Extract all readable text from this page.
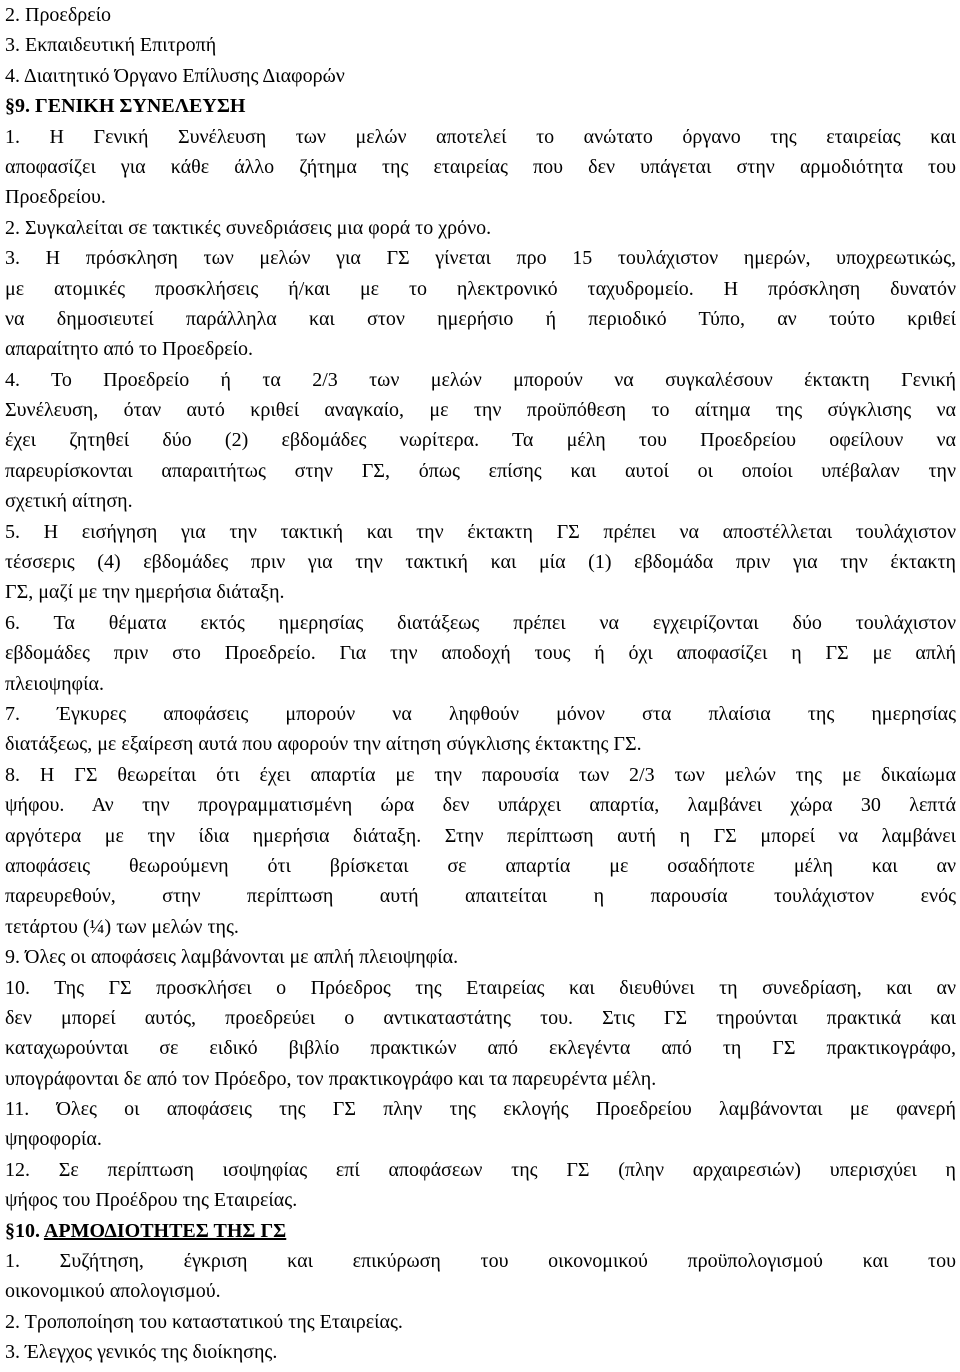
2. Προεδρείο
3. Εκπαιδευτική Επιτροπή
4. Διαιτητικό Όργανο Επίλυσης Διαφορών
§9. ΓΕΝΙΚΗ ΣΥΝΕΛΕΥΣΗ
1. Η Γενική Συνέλευση των μελών αποτελεί το ανώτατο όργανο της εταιρείας και
αποφασίζει για κάθε άλλο ζήτημα της εταιρείας που δεν υπάγεται στην αρμοδιότητα του
Προεδρείου.
2. Συγκαλείται σε τακτικές συνεδριάσεις μια φορά το χρόνο.
3. Η πρόσκληση των μελών για ΓΣ γίνεται προ 15 τουλάχιστον ημερών, υποχρεωτικώς,
με ατομικές προσκλήσεις ή/και με το ηλεκτρονικό ταχυδρομείο. Η πρόσκληση δυνατόν
να δημοσιευτεί παράλληλα και στον ημερήσιο ή περιοδικό Τύπο, αν τούτο κριθεί
απαραίτητο από το Προεδρείο.
4. Το Προεδρείο ή τα 2/3 των μελών μπορούν να συγκαλέσουν έκτακτη Γενική
Συνέλευση, όταν αυτό κριθεί αναγκαίο, με την προϋπόθεση το αίτημα της σύγκλισης να
έχει ζητηθεί δύο (2) εβδομάδες νωρίτερα. Τα μέλη του Προεδρείου οφείλουν να
παρευρίσκονται απαραιτήτως στην ΓΣ, όπως επίσης και αυτοί οι οποίοι υπέβαλαν την
σχετική αίτηση.
5. Η εισήγηση για την τακτική και την έκτακτη ΓΣ πρέπει να αποστέλλεται τουλάχιστον
τέσσερις (4) εβδομάδες πριν για την τακτική και μία (1) εβδομάδα πριν για την έκτακτη
ΓΣ, μαζί με την ημερήσια διάταξη.
6. Τα θέματα εκτός ημερησίας διατάξεως πρέπει να εγχειρίζονται δύο τουλάχιστον
εβδομάδες πριν στο Προεδρείο. Για την αποδοχή τους ή όχι αποφασίζει η ΓΣ με απλή
πλειοψηφία.
7. Έγκυρες αποφάσεις μπορούν να ληφθούν μόνον στα πλαίσια της ημερησίας
διατάξεως, με εξαίρεση αυτά που αφορούν την αίτηση σύγκλισης έκτακτης ΓΣ.
8. Η ΓΣ θεωρείται ότι έχει απαρτία με την παρουσία των 2/3 των μελών της με δικαίωμα
ψήφου. Αν την προγραμματισμένη ώρα δεν υπάρχει απαρτία, λαμβάνει χώρα 30 λεπτά
αργότερα με την ίδια ημερήσια διάταξη. Στην περίπτωση αυτή η ΓΣ μπορεί να λαμβάνει
αποφάσεις θεωρούμενη ότι βρίσκεται σε απαρτία με οσαδήποτε μέλη και αν
παρευρεθούν, στην περίπτωση αυτή απαιτείται η παρουσία τουλάχιστον ενός
τετάρτου (¼) των μελών της.
9. Όλες οι αποφάσεις λαμβάνονται με απλή πλειοψηφία.
10. Της ΓΣ προσκλήσει ο Πρόεδρος της Εταιρείας και διευθύνει τη συνεδρίαση, και αν
δεν μπορεί αυτός, προεδρεύει ο αντικαταστάτης του. Στις ΓΣ τηρούνται πρακτικά και
καταχωρούνται σε ειδικό βιβλίο πρακτικών από εκλεγέντα από τη ΓΣ πρακτικογράφο,
υπογράφονται δε από τον Πρόεδρο, τον πρακτικογράφο και τα παρευρέντα μέλη.
11. Όλες οι αποφάσεις της ΓΣ πλην της εκλογής Προεδρείου λαμβάνονται με φανερή
ψηφοφορία.
12. Σε περίπτωση ισοψηφίας επί αποφάσεων της ΓΣ (πλην αρχαιρεσιών) υπερισχύει η
ψήφος του Προέδρου της Εταιρείας.
§10. ΑΡΜΟΔΙΟΤΗΤΕΣ ΤΗΣ ΓΣ
1. Συζήτηση, έγκριση και επικύρωση του οικονομικού προϋπολογισμού και του
οικονομικού απολογισμού.
2. Τροποποίηση του καταστατικού της Εταιρείας.
3. Έλεγχος γενικός της διοίκησης.
